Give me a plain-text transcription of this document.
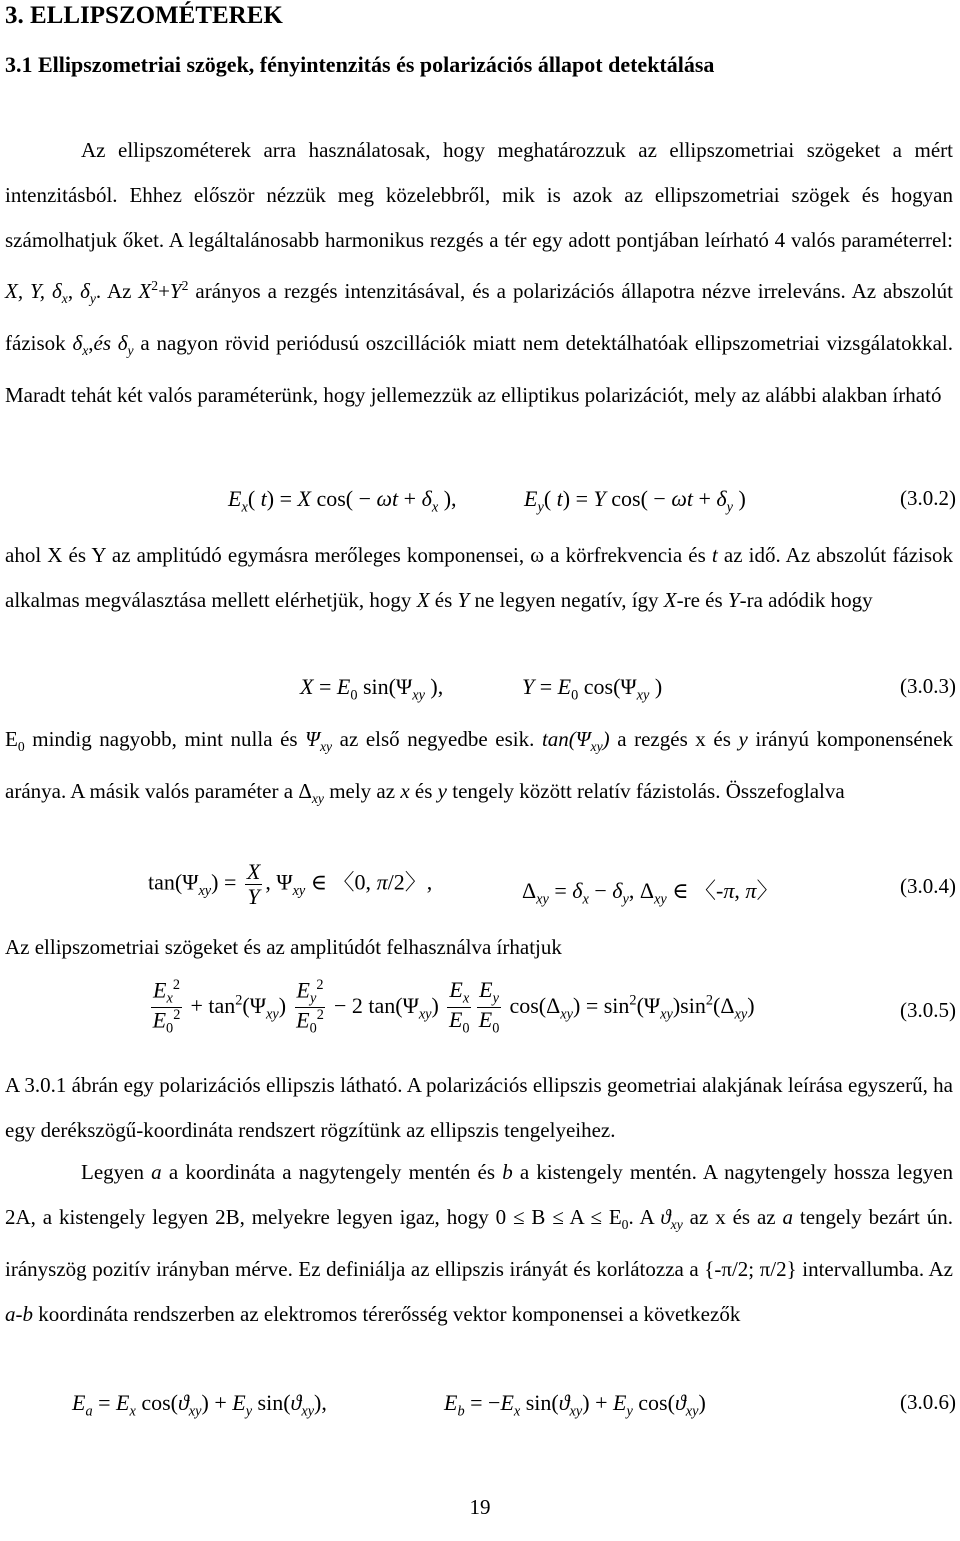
3. ELLIPSZOMÉTEREK
3.1 Ellipszometriai szögek, fényintenzitás és polarizációs állapot detektálása

Az ellipszométerek arra használatosak, hogy meghatározzuk az ellipszometriai szögeket a mért intenzitásból. Ehhez először nézzük meg közelebbről, mik is azok az ellipszometriai szögek és hogyan számolhatjuk őket. A legáltalánosabb harmonikus rezgés a tér egy adott pontjában leírható 4 valós paraméterrel: X, Y, $\delta_x$, $\delta_y$. Az $X^2+Y^2$ arányos a rezgés intenzitásával, és a polarizációs állapotra nézve irreleváns. Az abszolút fázisok $\delta_x,és$ $\delta_y$ a nagyon rövid periódusú oszcillációk miatt nem detektálhatóak ellipszometriai vizsgálatokkal. Maradt tehát két valós paraméterünk, hogy jellemezzük az elliptikus polarizációt, mely az alábbi alakban írható

$E_x$( t) = X $\cos( - \omega t + \delta_x$ ),	$E_y$( t) = Y $\cos( - \omega t + \delta_y$ )	(3.0.2)

ahol X és Y az amplitúdó egymásra merőleges komponensei, ω a körfrekvencia és t az idő. Az abszolút fázisok alkalmas megválasztása mellett elérhetjük, hogy X és Y ne legyen negatív, így X-re és Y-ra adódik hogy

$X = E_0$ $\sin(\Psi_{xy}$ ),	$Y = E_0$ $\cos(\Psi_{xy}$ )	(3.0.3)

$E_0$ mindig nagyobb, mint nulla és $\Psi_{xy}$ az első negyedbe esik. $\tan(\Psi_{xy})$ a rezgés x és y irányú komponensének aránya. A másik valós paraméter a $\Delta_{xy}$ mely az x és y tengely között relatív fázistolás. Összefoglalva

$\tan(\Psi_{xy}) = \frac{X}{Y}$ , $\Psi_{xy}$ ∈ 〈0, π/2〉,	$\Delta_{xy} = \delta_x - \delta_y$, $\Delta_{xy}$ ∈ 〈-π, π〉	(3.0.4)

Az ellipszometriai szögeket és az amplitúdót felhasználva írhatjuk

$\frac{E_x^2}{E_0^2} + \tan^2(\Psi_{xy}) \frac{E_y^2}{E_0^2} - 2$ $\tan(\Psi_{xy}) \frac{E_x}{E_0} \frac{E_y}{E_0} \cos(\Delta_{xy}) = \sin^2(\Psi_{xy})\sin^2(\Delta_{xy})$	(3.0.5)

A 3.0.1 ábrán egy polarizációs ellipszis látható. A polarizációs ellipszis geometriai alakjának leírása egyszerű, ha egy derékszögű-koordináta rendszert rögzítünk az ellipszis tengelyeihez.

Legyen a a koordináta a nagytengely mentén és b a kistengely mentén. A nagytengely hossza legyen 2A, a kistengely legyen 2B, melyekre legyen igaz, hogy $0 \le B \le A \le E_0$. A $ϑ_{xy}$ az x és az a tengely bezárt ún. irányszög pozitív irányban mérve. Ez definiálja az ellipszis irányát és korlátozza a {-π/2; π/2} intervallumba. Az a-b koordináta rendszerben az elektromos térerősség vektor komponensei a következők

$E_a = E_x$ $\cos(ϑ_{xy}) + E_y$ $\sin(ϑ_{xy})$,	$E_b = -E_x$ $\sin(ϑ_{xy}) + E_y$ $\cos(ϑ_{xy})$	(3.0.6)
19
